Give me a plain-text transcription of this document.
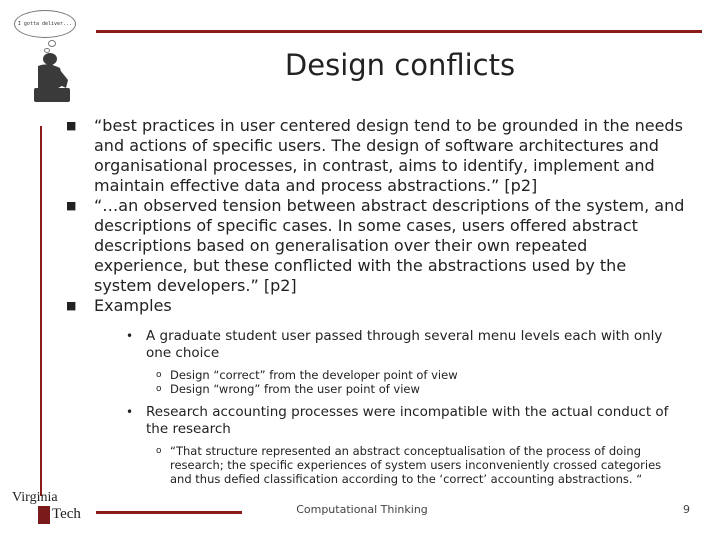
I gotta deliver...
Design conflicts
■ “best practices in user centered design tend to be grounded in the needs and actions of specific users. The design of software architectures and organisational processes, in contrast, aims to identify, implement and maintain effective data and process abstractions.” [p2]
■ “…an observed tension between abstract descriptions of the system, and descriptions of specific cases. In some cases, users offered abstract descriptions based on generalisation over their own repeated experience, but these conflicted with the abstractions used by the system developers.” [p2]
■ Examples
• A graduate student user passed through several menu levels each with only one choice
o Design “correct” from the developer point of view
o Design “wrong” from the user point of view
• Research accounting processes were incompatible with the actual conduct of the research
o “That structure represented an abstract conceptualisation of the process of doing research; the specific experiences of system users inconveniently crossed categories and thus defied classification according to the ‘correct’ accounting abstractions. “
Virginia
Tech	Computational Thinking	9
